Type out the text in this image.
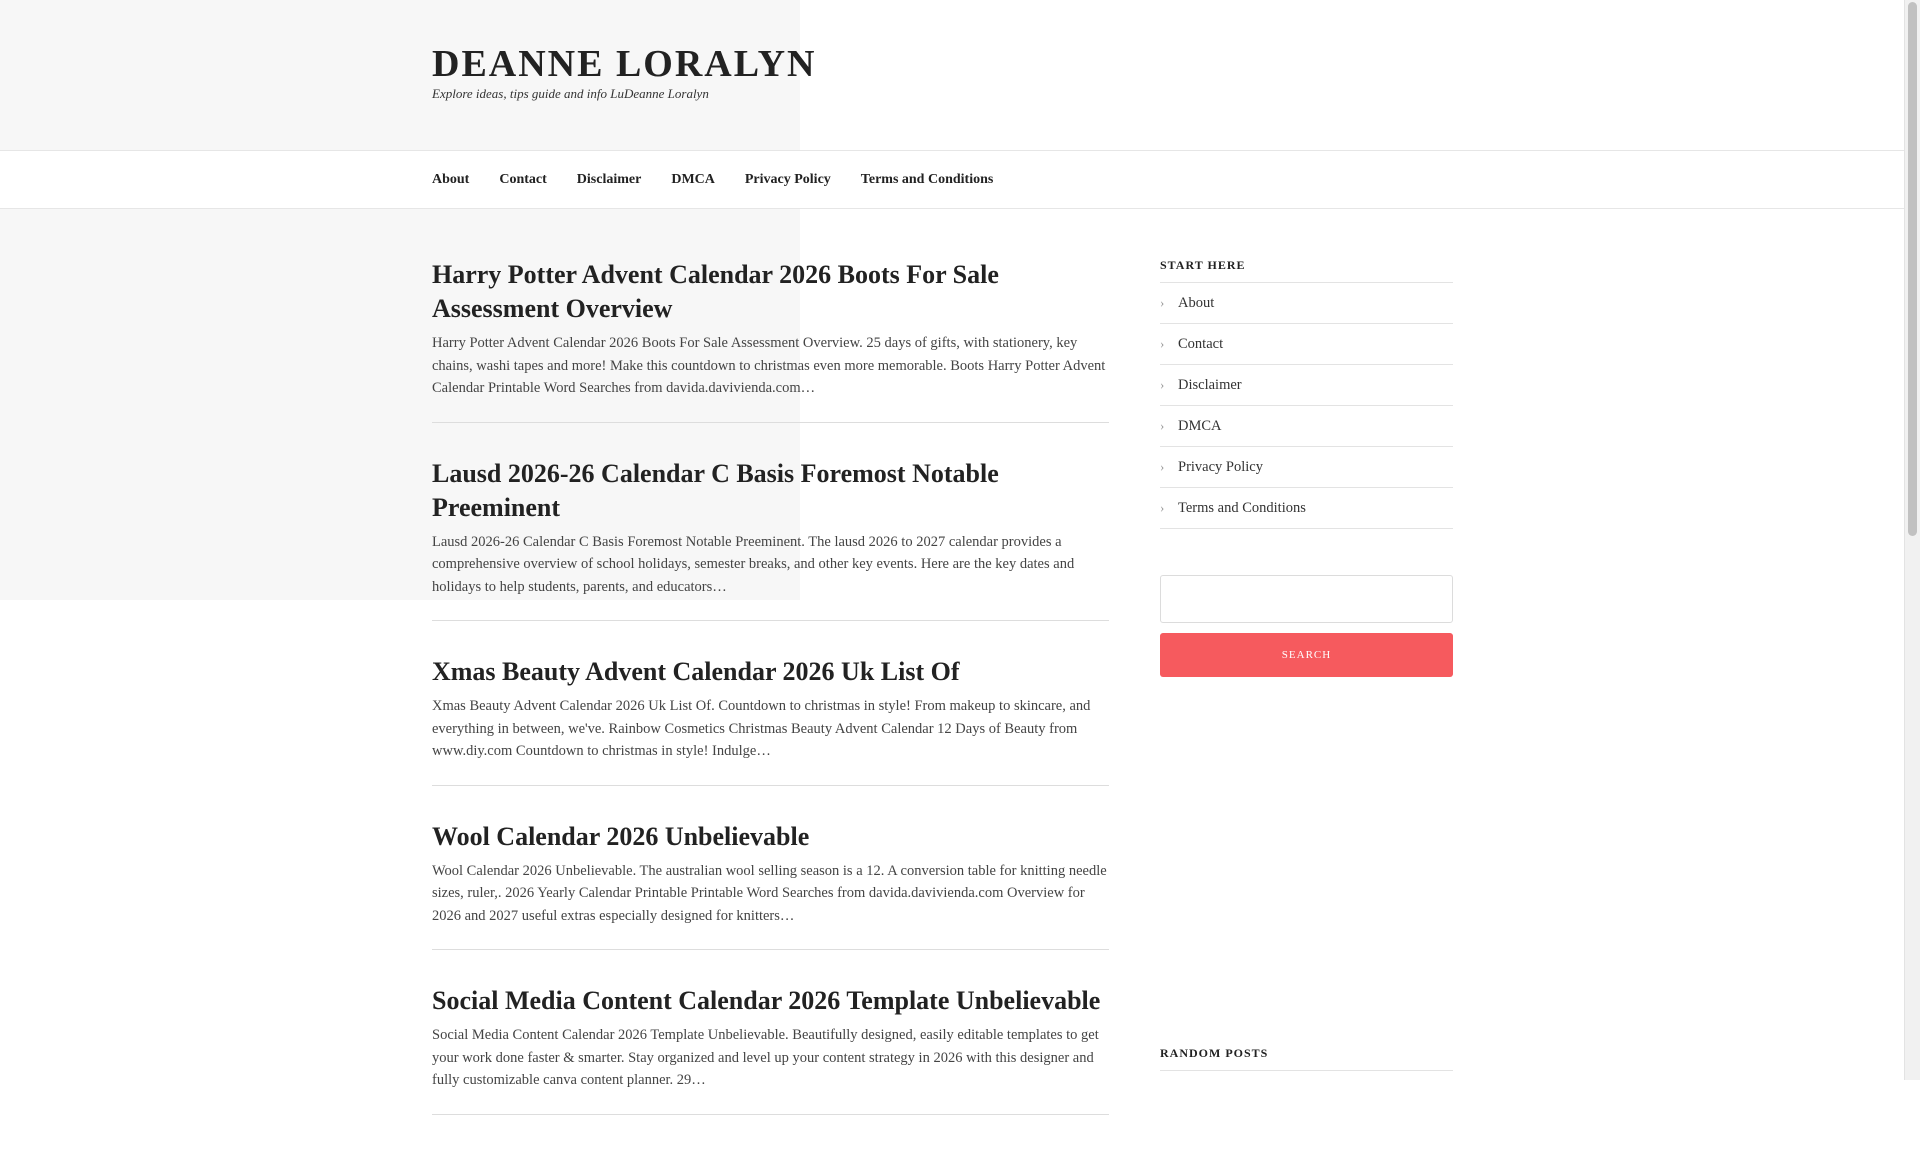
DEANNE LORALYN
Explore ideas, tips guide and info LuDeanne Loralyn
About Contact Disclaimer DMCA Privacy Policy Terms and Conditions
Harry Potter Advent Calendar 2026 Boots For Sale Assessment Overview

Harry Potter Advent Calendar 2026 Boots For Sale Assessment Overview. 25 days of gifts, with stationery, key chains, washi tapes and more! Make this countdown to christmas even more memorable. Boots Harry Potter Advent Calendar Printable Word Searches from davida.davivienda.com…

Lausd 2026-26 Calendar C Basis Foremost Notable Preeminent

Lausd 2026-26 Calendar C Basis Foremost Notable Preeminent. The lausd 2026 to 2027 calendar provides a comprehensive overview of school holidays, semester breaks, and other key events. Here are the key dates and holidays to help students, parents, and educators…

Xmas Beauty Advent Calendar 2026 Uk List Of

Xmas Beauty Advent Calendar 2026 Uk List Of. Countdown to christmas in style! From makeup to skincare, and everything in between, we've. Rainbow Cosmetics Christmas Beauty Advent Calendar 12 Days of Beauty from www.diy.com Countdown to christmas in style! Indulge…

Wool Calendar 2026 Unbelievable

Wool Calendar 2026 Unbelievable. The australian wool selling season is a 12. A conversion table for knitting needle sizes, ruler,. 2026 Yearly Calendar Printable Printable Word Searches from davida.davivienda.com Overview for 2026 and 2027 useful extras especially designed for knitters…

Social Media Content Calendar 2026 Template Unbelievable

Social Media Content Calendar 2026 Template Unbelievable. Beautifully designed, easily editable templates to get your work done faster & smarter. Stay organized and level up your content strategy in 2026 with this designer and fully customizable canva content planner. 29…

START HERE
› About
› Contact
› Disclaimer
› DMCA
› Privacy Policy
› Terms and Conditions
SEARCH
RANDOM POSTS
